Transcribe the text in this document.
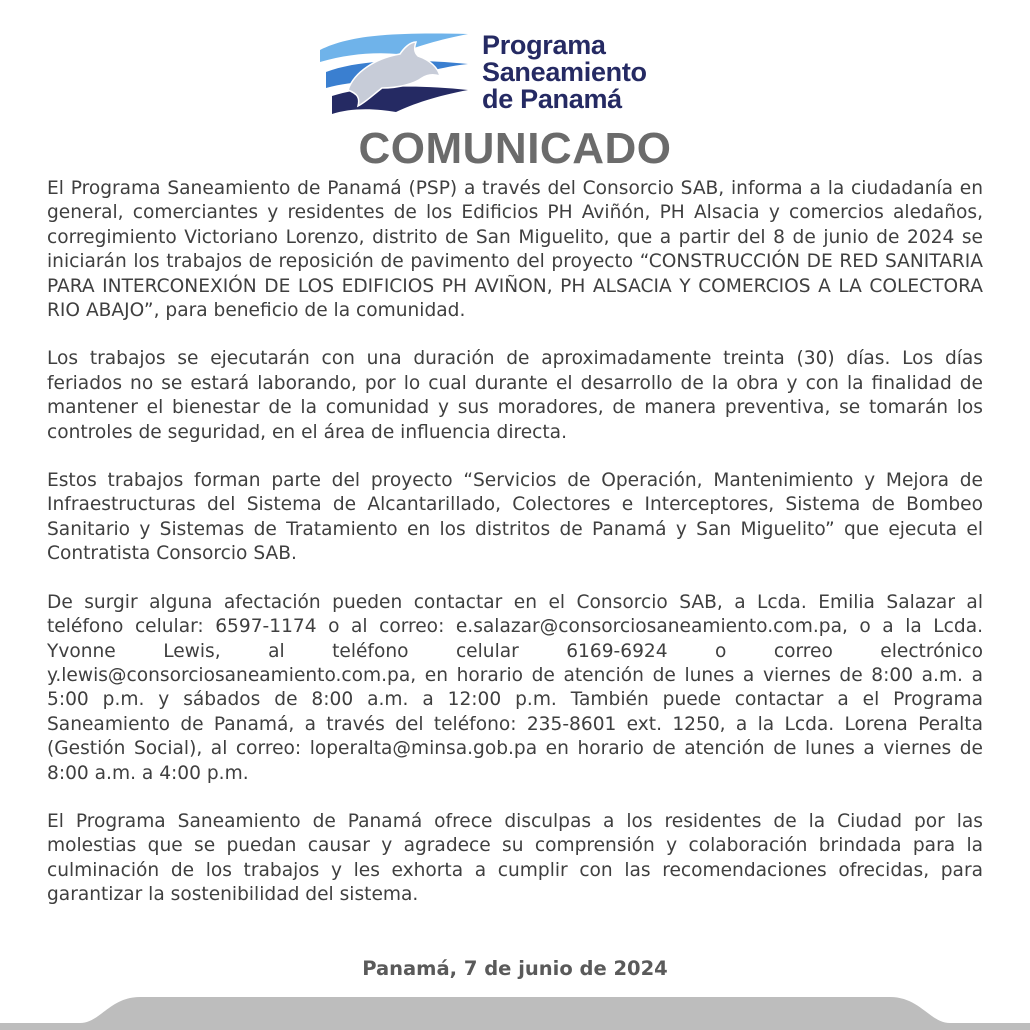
Programa
Saneamiento
de Panamá
COMUNICADO

El Programa Saneamiento de Panamá (PSP) a través del Consorcio SAB, informa a la ciudadanía en general, comerciantes y residentes de los Edificios PH Aviñón, PH Alsacia y comercios aledaños, corregimiento Victoriano Lorenzo, distrito de San Miguelito, que a partir del 8 de junio de 2024 se iniciarán los trabajos de reposición de pavimento del proyecto “CONSTRUCCIÓN DE RED SANITARIA PARA INTERCONEXIÓN DE LOS EDIFICIOS PH AVIÑON, PH ALSACIA Y COMERCIOS A LA COLECTORA RIO ABAJO”, para beneficio de la comunidad.

Los trabajos se ejecutarán con una duración de aproximadamente treinta (30) días. Los días feriados no se estará laborando, por lo cual durante el desarrollo de la obra y con la finalidad de mantener el bienestar de la comunidad y sus moradores, de manera preventiva, se tomarán los controles de seguridad, en el área de influencia directa.

Estos trabajos forman parte del proyecto “Servicios de Operación, Mantenimiento y Mejora de Infraestructuras del Sistema de Alcantarillado, Colectores e Interceptores, Sistema de Bombeo Sanitario y Sistemas de Tratamiento en los distritos de Panamá y San Miguelito” que ejecuta el Contratista Consorcio SAB.

De surgir alguna afectación pueden contactar en el Consorcio SAB, a Lcda. Emilia Salazar al teléfono celular: 6597-1174 o al correo: e.salazar@consorciosaneamiento.com.pa, o a la Lcda. Yvonne Lewis, al teléfono celular 6169-6924 o correo electrónico y.lewis@consorciosaneamiento.com.pa, en horario de atención de lunes a viernes de 8:00 a.m. a 5:00 p.m. y sábados de 8:00 a.m. a 12:00 p.m. También puede contactar a el Programa Saneamiento de Panamá, a través del teléfono: 235-8601 ext. 1250, a la Lcda. Lorena Peralta (Gestión Social), al correo: loperalta@minsa.gob.pa en horario de atención de lunes a viernes de 8:00 a.m. a 4:00 p.m.

El Programa Saneamiento de Panamá ofrece disculpas a los residentes de la Ciudad por las molestias que se puedan causar y agradece su comprensión y colaboración brindada para la culminación de los trabajos y les exhorta a cumplir con las recomendaciones ofrecidas, para garantizar la sostenibilidad del sistema.

Panamá, 7 de junio de 2024
